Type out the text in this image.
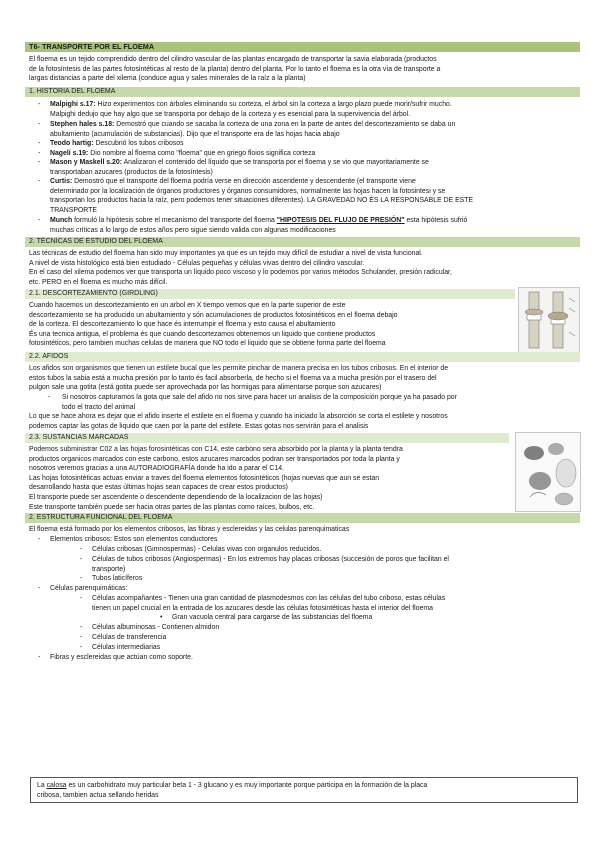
T6- TRANSPORTE POR EL FLOEMA
El floema es un tejido comprendido dentro del cilindro vascular de las plantas encargado de transportar la savia elaborada (productos
de la fotosíntesis de las partes fotosintéticas al resto de la planta) dentro del planta. Por lo tanto el floema es la otra vía de transporte a
largas distancias a parte del xilema (conduce agua y sales minerales de la raíz a la planta)
1. HISTORIA DEL FLOEMA
- Malpighi s.17: Hizo experimentos con árboles eliminando su corteza, el árbol sin la corteza a largo plazo puede morir/sufrir mucho.
Malpighi dedujo que hay algo que se transporta por debajo de la corteza y es esencial para la supervivencia del árbol.
- Stephen hales s.18: Demostró que cuando se sacaba la corteza de una zona en la parte de antes del descortezamiento se daba un
abultamiento (acumulación de substancias). Dijo que el transporte era de las hojas hacia abajo
- Teodo hartig: Descubrió los tubos cribosos
- Nagelí s.19: Dio nombre al floema como "floema" que en griego floios significa corteza
- Mason y Maskell s.20: Analizaron el contenido del líquido que se transporta por el floema y se vio que mayoritariamente se
transportaban azucares (productos de la fotosíntesis)
- Curtis: Demostró que el transporte del floema podría verse en dirección ascendente y descendente (el transporte viene
determinado por la localización de órganos productores y órganos consumidores, normalmente las hojas hacen la fotosintesi y se
transportan los productos hacia la raíz, pero podemos tener situaciones diferentes). LA GRAVEDAD NO ÉS LA RESPONSABLE DE ESTE
TRANSPORTE
- Munch formuló la hipótesis sobre el mecanismo del transporte del floema "HIPOTESIS DEL FLUJO DE PRESIÓN" esta hipótesis sufrió
muchas críticas a lo largo de estos años pero sigue siendo valida con algunas modificaciones
2. TÉCNICAS DE ESTUDIO DEL FLOEMA
Las técnicas de estudio del floema han sido muy importantes ya que es un tejido muy difícil de estudiar a nivel de vista funcional.
A nivel de vista histológico está bien estudiado - Células pequeñas y células vivas dentro del cilindro vascular.
En el caso del xilema podemos ver que transporta un líquido poco viscoso y lo podemos por varios métodos Schulander, presión radicular,
etc. PERO en el floema es mucho más difícil.
2.1. DESCORTEZAMIENTO (GIRDLING)
Cuando hacemos un descortezamiento en un arbol en X tiempo vemos que en la parte superior de este
descortezamiento se ha producido un abultamiento y són acumulaciones de productos fotosintéticos en el floema debajo
de la corteza. El descortezamiento lo que hace és interrumpir el floema y esto causa el abultamiento
És una tecnica antigua, el problema és que cuando descortezamos obtenemos un liquido que contiene productos
fotosintéticos, pero tambien muchas celulas de manera que NO todo el liquido que se obtiene forma parte del floema
2.2. AFIDOS
Los afidos son organismos que tienen un estilete bucal que les permite pinchar de manera precisa en los tubos cribosos. En el interior de
estos tubos la sabia está a mucha presión por lo tanto és facil absorberla, de hecho si el floema va a mucha presión por el trasero del
pulgon sale una gotita (está gotita puede ser aprovechada por las hormigas para alimentarse porque son azucares)
- Si nosotros capturamos la gota que sale del afido no nos sirve para hacer un analisis de la composición porque ya ha pasado por
todo el tracto del animal
Lo que se hace ahora es dejar que el afido inserte el estilete en el floema y cuando ha iniciado la absorción se corta el estilete y nosotros
podemos captar las gotas de liquido que caen por la parte del estilete. Estas gotas nos servirán para el analisis
2.3. SUSTANCIAS MARCADAS
Podemos subministrar C02 a las hojas forosintéticas con C14, este carbono sera absorbido por la planta y la planta tendra
productos organicos marcados con este carbono, estos azucares marcados podran ser transportados por toda la planta y
nosotros veremos gracias a una AUTORADIOGRAFÍA donde ha ido a parar el C14.
Las hojas fotosintéticas actuas enviar a traves del floema elementos fotosintéticos (hojas nuevas que aun se estan
desarrollando hasta que estas últimas hojas sean capaces de crear estos productos)
El transporte puede ser ascendente o descendente dependiendo de la localizacion de las hojas)
Este transporte también puede ser hacia otras partes de las plantas como raíces, bulbos, etc.
2. ESTRUCTURA FUNCIONAL DEL FLOEMA
El floema está formado por los elementos cribosos, las fibras y esclereidas y las celulas parenquimaticas
- Elementos cribosos: Estos son elementos conductores
- Células cribosas (Gimnospermas) - Celulas vivas con organulos reducidos.
- Células de tubos cribosos (Angiospermas) - En los extremos hay placas cribosas (succesión de poros que facilitan el
transporte)
- Tubos laticíferos
- Células parenquimáticas:
- Células acompañantes - Tienen una gran cantidad de plasmodesmos con las células del tubo criboso, estas células
tienen un papel crucial en la entrada de los azucares desde las células fotosintéticas hasta el interior del floema
• Gran vacuola central para cargarse de las substancias del floema
- Células albuminosas - Contienen almidon
- Células de transferencia
- Células intermediarias
- Fibras y esclereidas que actúan como soporte.
La calosa es un carbohidrato muy particular beta 1 - 3 glucano y es muy importante porque participa en la formación de la placa
cribosa, tambien actua sellando heridas
